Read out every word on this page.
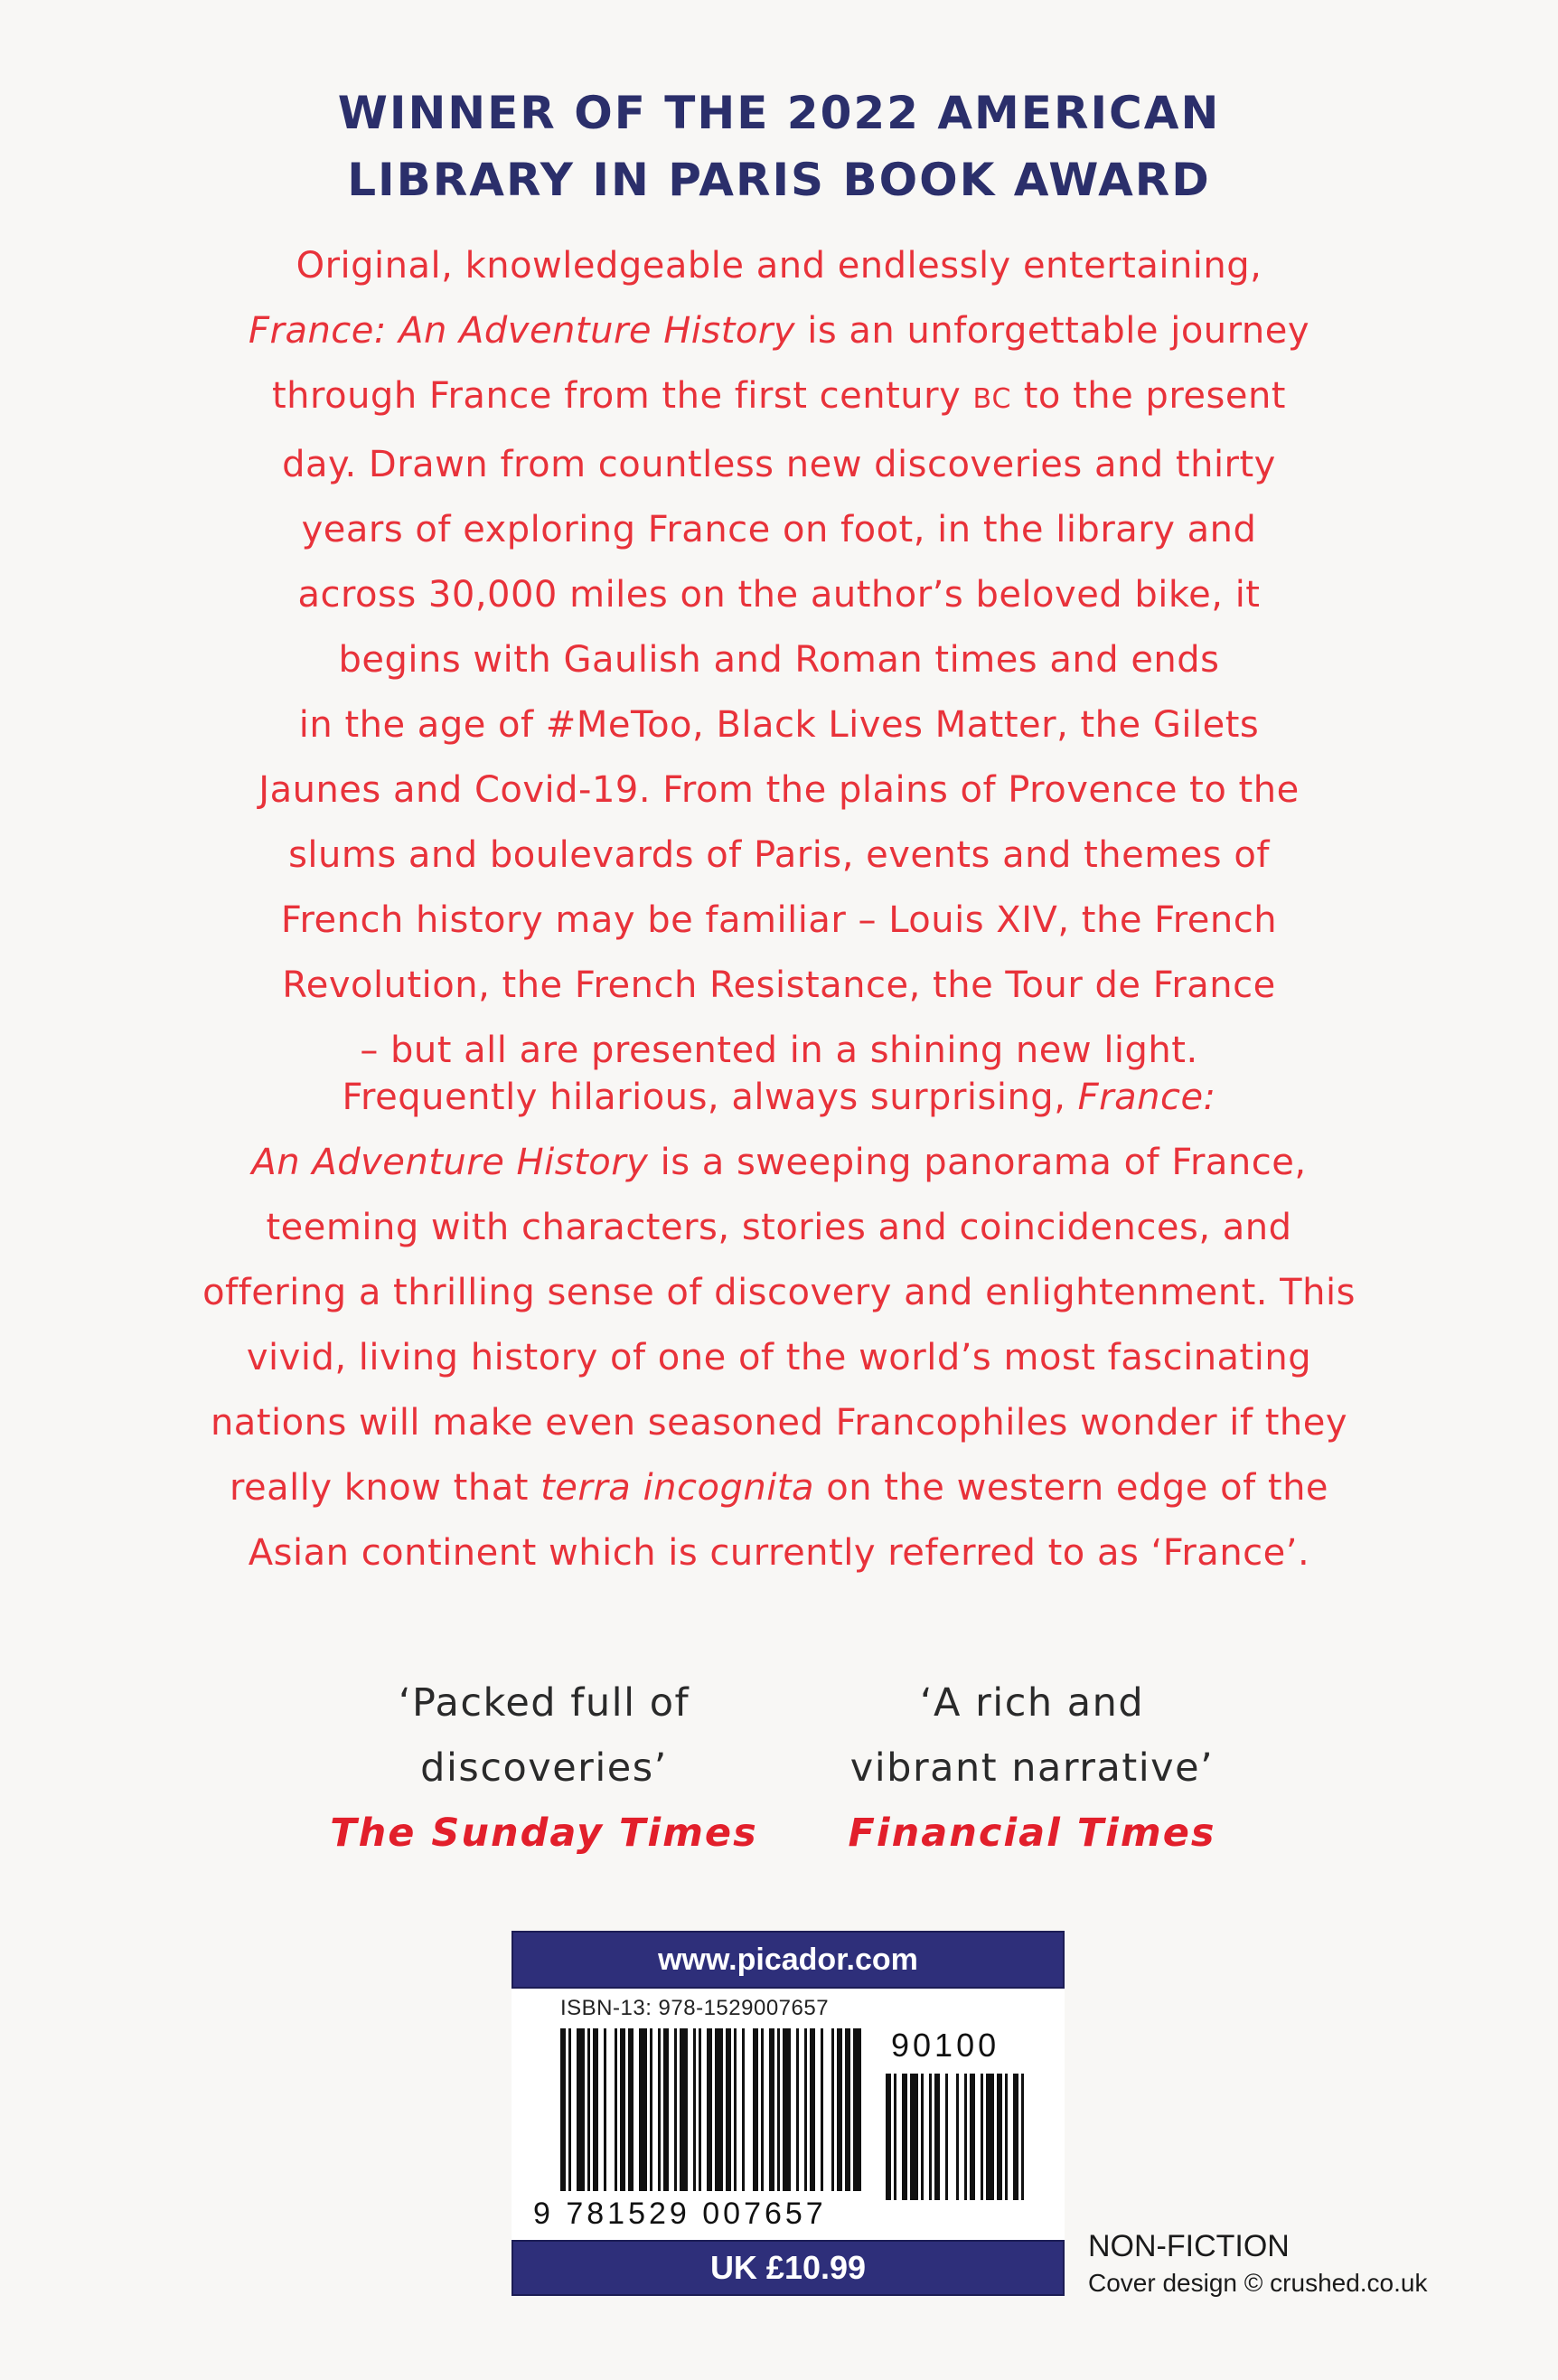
WINNER OF THE 2022 AMERICAN
LIBRARY IN PARIS BOOK AWARD
Original, knowledgeable and endlessly entertaining,
France: An Adventure History is an unforgettable journey
through France from the first century BC to the present
day. Drawn from countless new discoveries and thirty
years of exploring France on foot, in the library and
across 30,000 miles on the author’s beloved bike, it
begins with Gaulish and Roman times and ends
in the age of #MeToo, Black Lives Matter, the Gilets
Jaunes and Covid-19. From the plains of Provence to the
slums and boulevards of Paris, events and themes of
French history may be familiar – Louis XIV, the French
Revolution, the French Resistance, the Tour de France
– but all are presented in a shining new light.
Frequently hilarious, always surprising, France:
An Adventure History is a sweeping panorama of France,
teeming with characters, stories and coincidences, and
offering a thrilling sense of discovery and enlightenment. This
vivid, living history of one of the world’s most fascinating
nations will make even seasoned Francophiles wonder if they
really know that terra incognita on the western edge of the
Asian continent which is currently referred to as ‘France’.
‘Packed full of
discoveries’
The Sunday Times
‘A rich and
vibrant narrative’
Financial Times
www.picador.com
ISBN-13: 978-1529007657
90100
9 781529 007657
UK £10.99
NON-FICTION
Cover design © crushed.co.uk
